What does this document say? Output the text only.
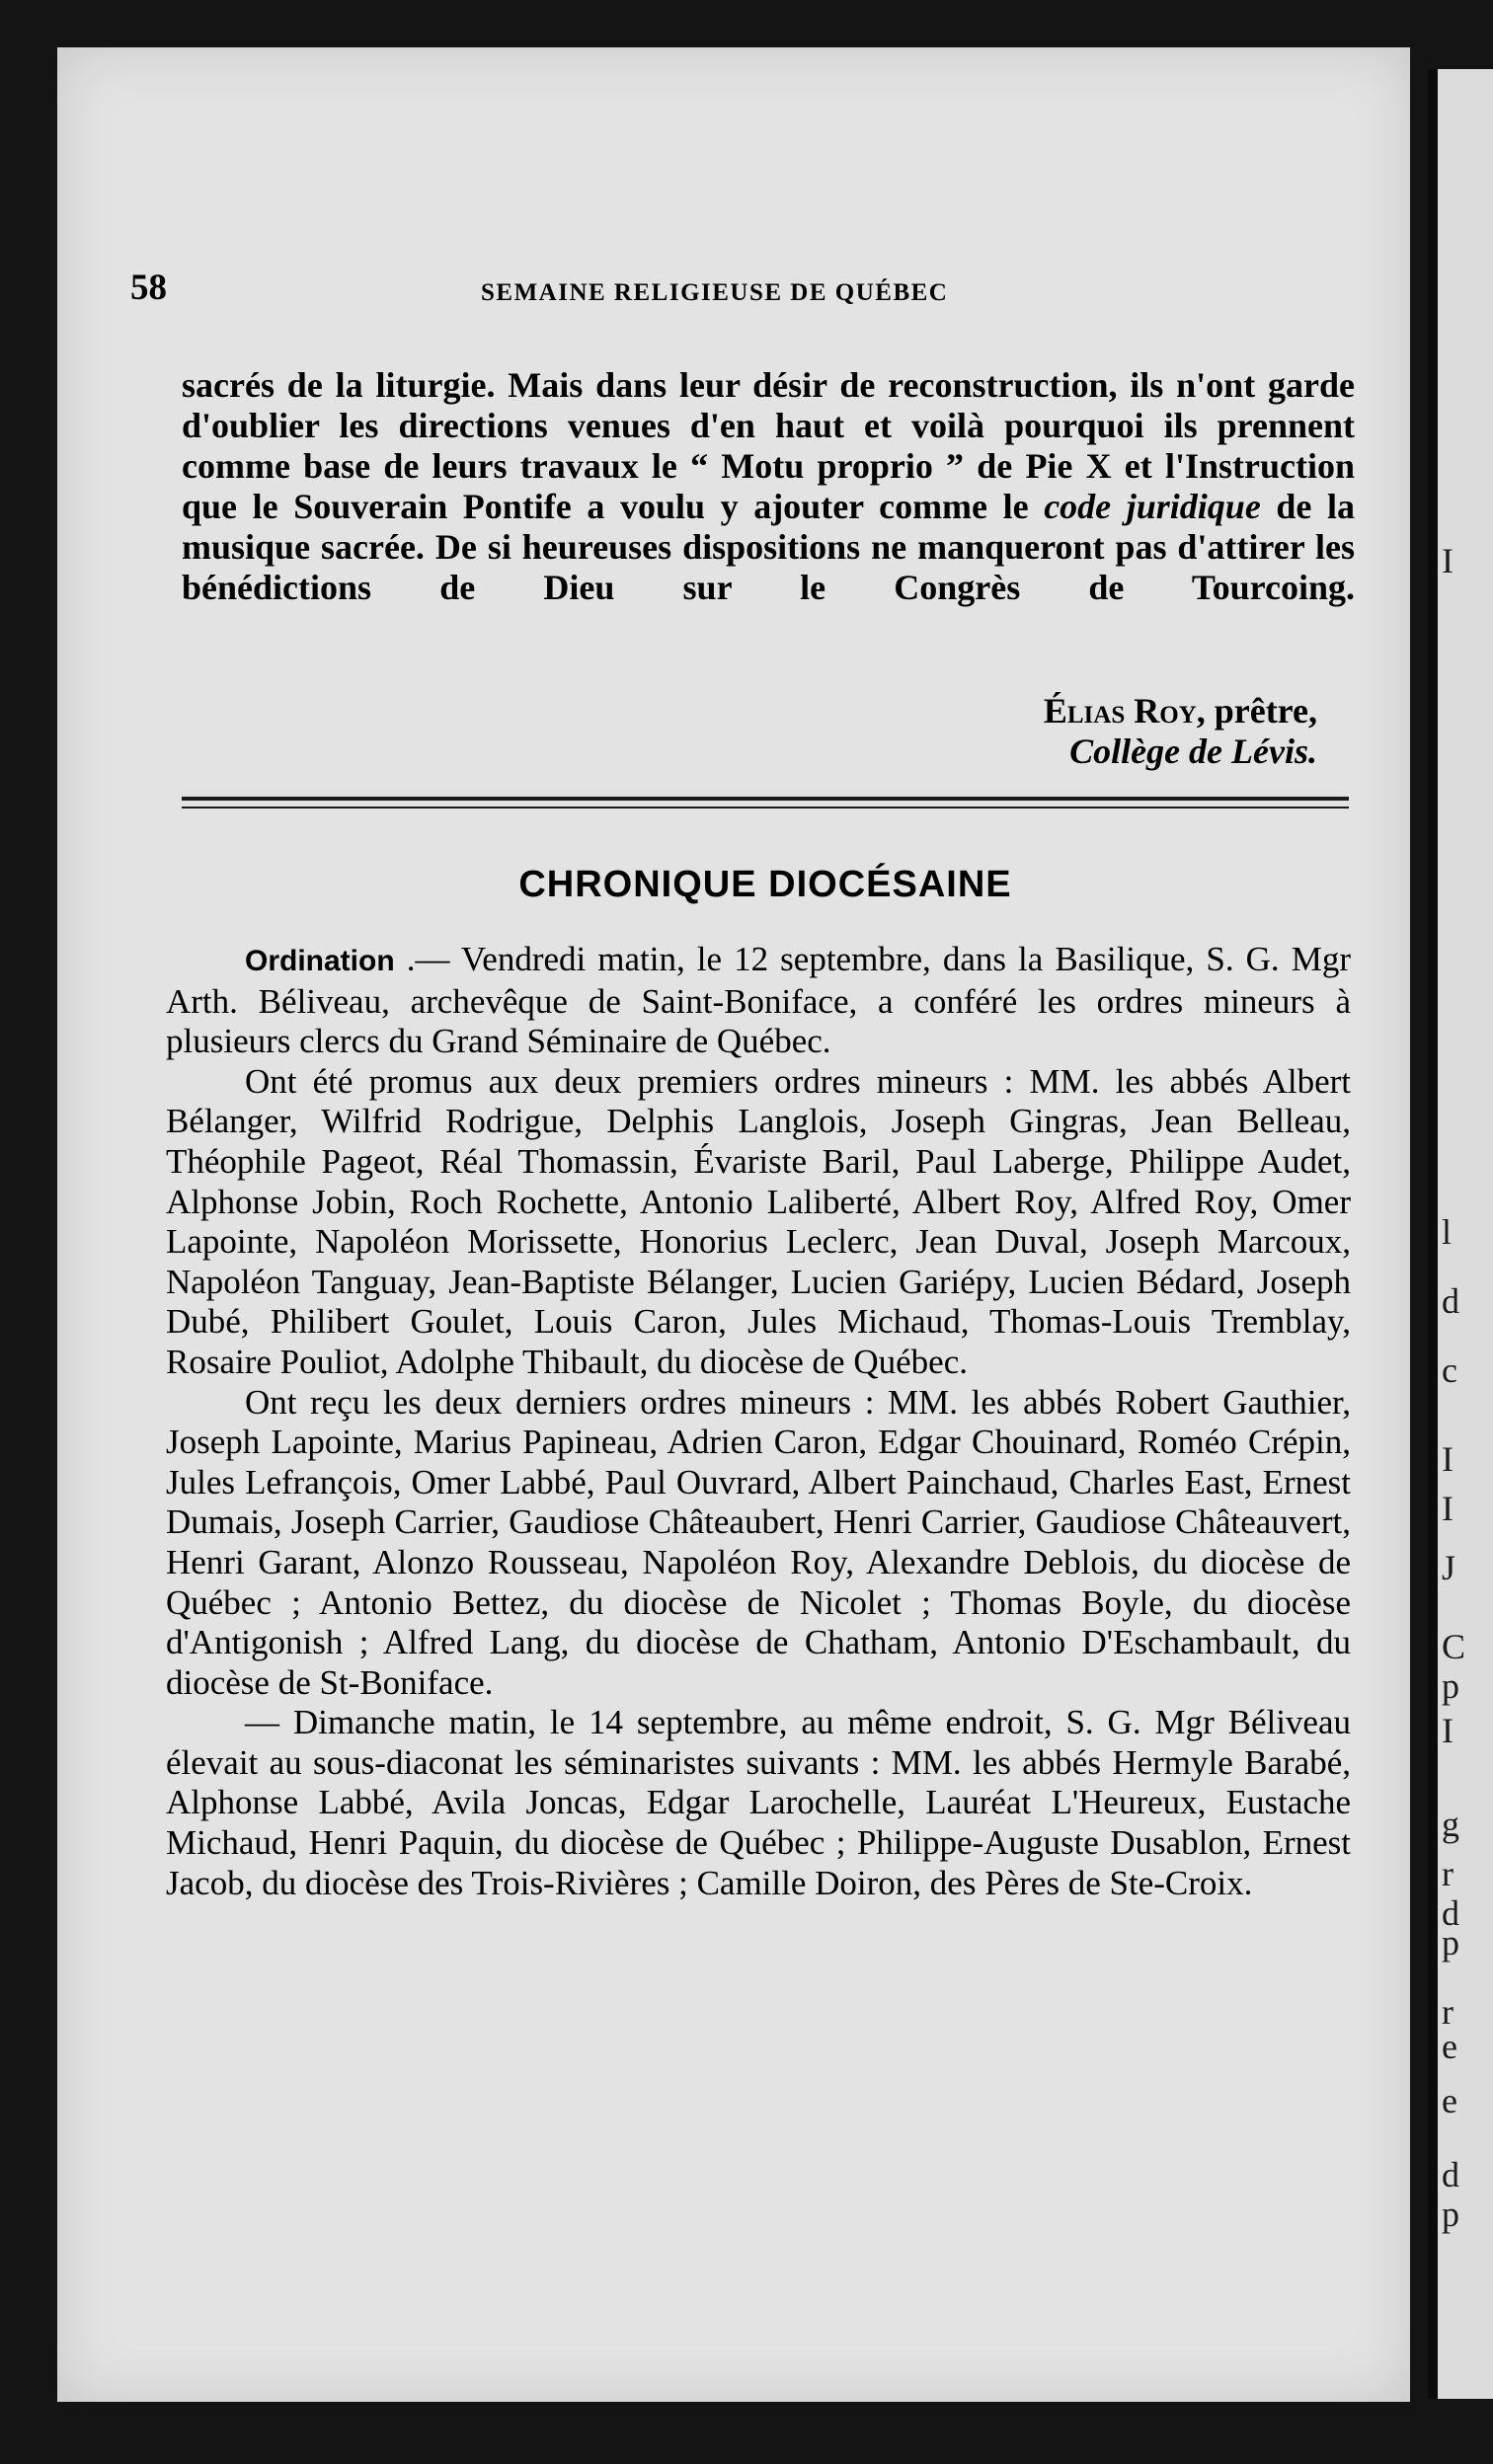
I
l
d
c
I
I
J
C
p
I
g
r
d
p
r
e
e
d
p
58	SEMAINE RELIGIEUSE DE QUÉBEC

sacrés de la liturgie. Mais dans leur désir de reconstruction, ils n'ont garde d'oublier les directions venues d'en haut et voilà pourquoi ils prennent comme base de leurs travaux le “ Motu proprio ” de Pie X et l'Instruction que le Souverain Pontife a voulu y ajouter comme le code juridique de la musique sacrée. De si heureuses dispositions ne manqueront pas d'attirer les bénédictions de Dieu sur le Congrès de Tourcoing.

Élias Roy, prêtre,
Collège de Lévis.
CHRONIQUE DIOCÉSAINE

Ordination .— Vendredi matin, le 12 septembre, dans la Basilique, S. G. Mgr Arth. Béliveau, archevêque de Saint-Boniface, a conféré les ordres mineurs à plusieurs clercs du Grand Séminaire de Québec.

Ont été promus aux deux premiers ordres mineurs : MM. les abbés Albert Bélanger, Wilfrid Rodrigue, Delphis Langlois, Joseph Gingras, Jean Belleau, Théophile Pageot, Réal Thomassin, Évariste Baril, Paul Laberge, Philippe Audet, Alphonse Jobin, Roch Rochette, Antonio Laliberté, Albert Roy, Alfred Roy, Omer Lapointe, Napoléon Morissette, Honorius Leclerc, Jean Duval, Joseph Marcoux, Napoléon Tanguay, Jean-Baptiste Bélanger, Lucien Gariépy, Lucien Bédard, Joseph Dubé, Philibert Goulet, Louis Caron, Jules Michaud, Thomas-Louis Tremblay, Rosaire Pouliot, Adolphe Thibault, du diocèse de Québec.

Ont reçu les deux derniers ordres mineurs : MM. les abbés Robert Gauthier, Joseph Lapointe, Marius Papineau, Adrien Caron, Edgar Chouinard, Roméo Crépin, Jules Lefrançois, Omer Labbé, Paul Ouvrard, Albert Painchaud, Charles East, Ernest Dumais, Joseph Carrier, Gaudiose Châteaubert, Henri Carrier, Gaudiose Châteauvert, Henri Garant, Alonzo Rousseau, Napoléon Roy, Alexandre Deblois, du diocèse de Québec ; Antonio Bettez, du diocèse de Nicolet ; Thomas Boyle, du diocèse d'Antigonish ; Alfred Lang, du diocèse de Chatham, Antonio D'Eschambault, du diocèse de St-Boniface.

— Dimanche matin, le 14 septembre, au même endroit, S. G. Mgr Béliveau élevait au sous-diaconat les séminaristes suivants : MM. les abbés Hermyle Barabé, Alphonse Labbé, Avila Joncas, Edgar Larochelle, Lauréat L'Heureux, Eustache Michaud, Henri Paquin, du diocèse de Québec ; Philippe-Auguste Dusablon, Ernest Jacob, du diocèse des Trois-Rivières ; Camille Doiron, des Pères de Ste-Croix.
